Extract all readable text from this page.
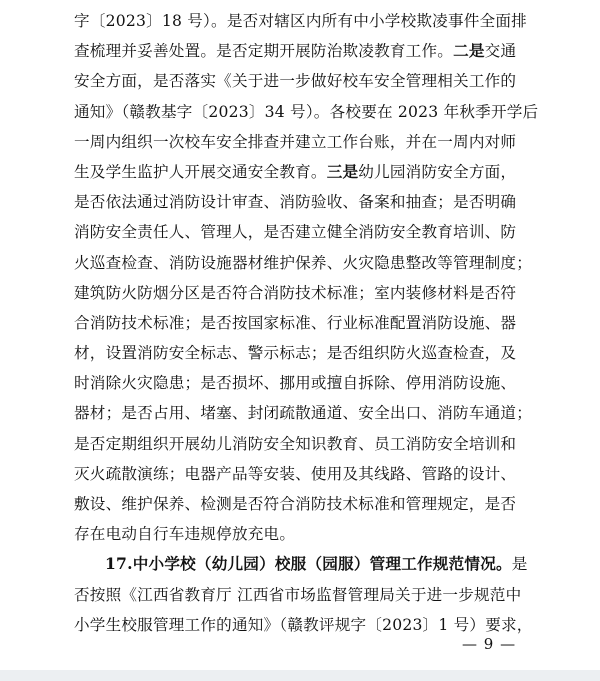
字〔2023〕18 号）。是否对辖区内所有中小学校欺凌事件全面排
查梳理并妥善处置。是否定期开展防治欺凌教育工作。二是交通
安全方面，是否落实《关于进一步做好校车安全管理相关工作的
通知》（赣教基字〔2023〕34 号）。各校要在 2023 年秋季开学后
一周内组织一次校车安全排查并建立工作台账，并在一周内对师
生及学生监护人开展交通安全教育。三是幼儿园消防安全方面，
是否依法通过消防设计审查、消防验收、备案和抽查；是否明确
消防安全责任人、管理人，是否建立健全消防安全教育培训、防
火巡查检查、消防设施器材维护保养、火灾隐患整改等管理制度；
建筑防火防烟分区是否符合消防技术标准；室内装修材料是否符
合消防技术标准；是否按国家标准、行业标准配置消防设施、器
材，设置消防安全标志、警示标志；是否组织防火巡查检查，及
时消除火灾隐患；是否损坏、挪用或擅自拆除、停用消防设施、
器材；是否占用、堵塞、封闭疏散通道、安全出口、消防车通道；
是否定期组织开展幼儿消防安全知识教育、员工消防安全培训和
灭火疏散演练；电器产品等安装、使用及其线路、管路的设计、
敷设、维护保养、检测是否符合消防技术标准和管理规定，是否
存在电动自行车违规停放充电。
17.中小学校（幼儿园）校服（园服）管理工作规范情况。是
否按照《江西省教育厅 江西省市场监督管理局关于进一步规范中
小学生校服管理工作的通知》（赣教评规字〔2023〕1 号）要求，
— 9 —
